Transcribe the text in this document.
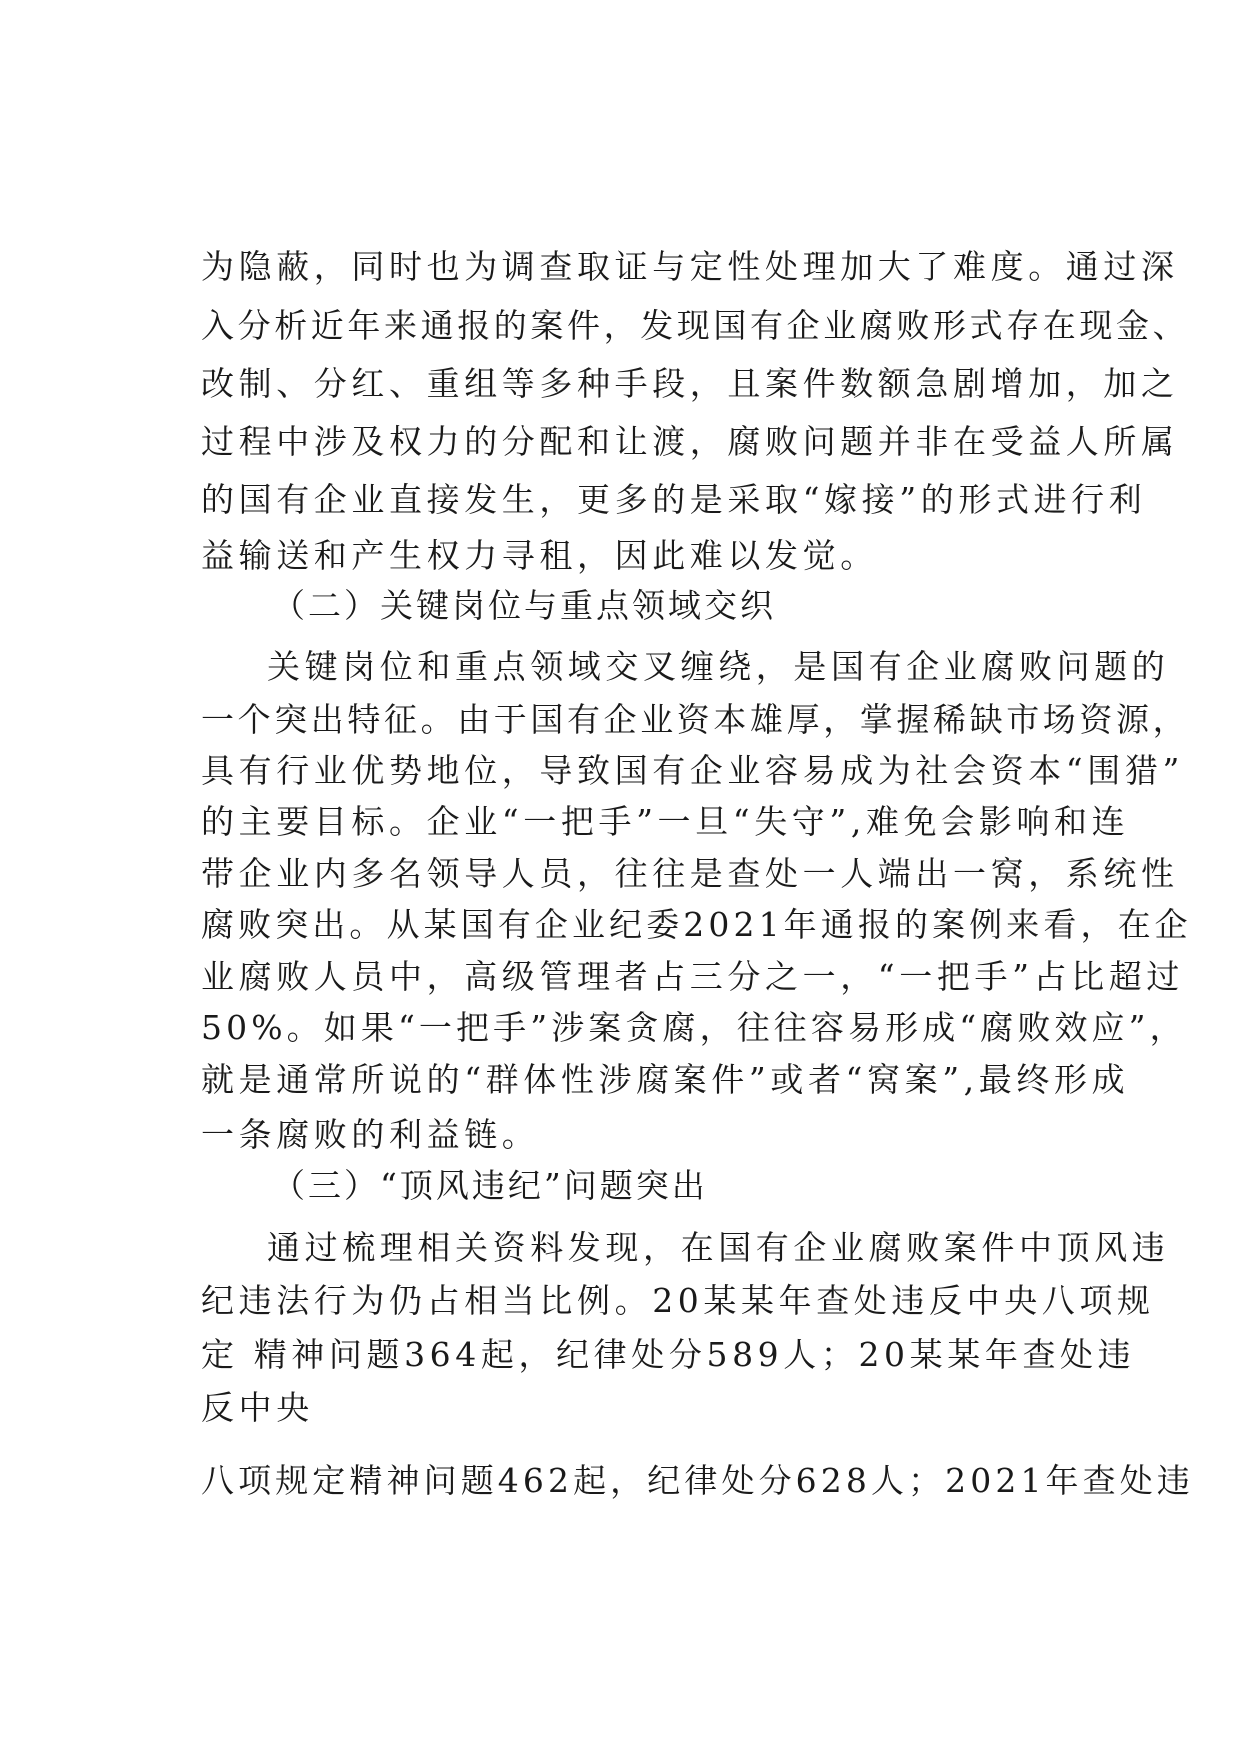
为隐蔽，同时也为调查取证与定性处理加大了难度。通过深
入分析近年来通报的案件，发现国有企业腐败形式存在现金、
改制、分红、重组等多种手段，且案件数额急剧增加，加之
过程中涉及权力的分配和让渡，腐败问题并非在受益人所属
的国有企业直接发生，更多的是采取“嫁接”的形式进行利
益输送和产生权力寻租，因此难以发觉。
（二）关键岗位与重点领域交织
关键岗位和重点领域交叉缠绕，是国有企业腐败问题的
一个突出特征。由于国有企业资本雄厚，掌握稀缺市场资源，
具有行业优势地位，导致国有企业容易成为社会资本“围猎”
的主要目标。企业“一把手”一旦“失守”,难免会影响和连
带企业内多名领导人员，往往是查处一人端出一窝，系统性
腐败突出。从某国有企业纪委2021年通报的案例来看，在企
业腐败人员中，高级管理者占三分之一，“一把手”占比超过
50%。如果“一把手”涉案贪腐，往往容易形成“腐败效应”，
就是通常所说的“群体性涉腐案件”或者“窝案”,最终形成
一条腐败的利益链。
（三）“顶风违纪”问题突出
通过梳理相关资料发现，在国有企业腐败案件中顶风违
纪违法行为仍占相当比例。20某某年查处违反中央八项规
定 精神问题364起，纪律处分589人；20某某年查处违
反中央
八项规定精神问题462起，纪律处分628人；2021年查处违
